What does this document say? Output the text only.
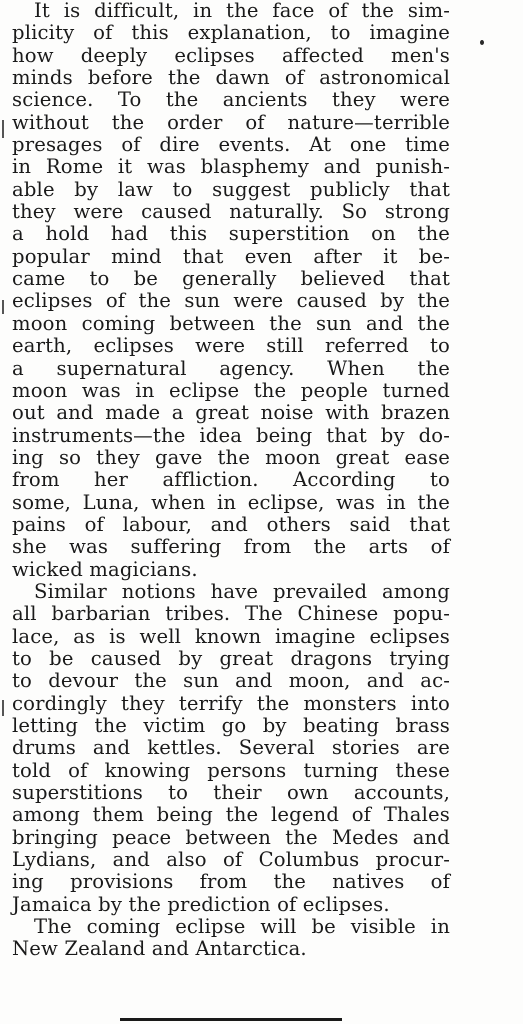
It is difficult, in the face of the sim-
plicity of this explanation, to imagine
how deeply eclipses affected men's
minds before the dawn of astronomical
science. To the ancients they were
without the order of nature—terrible
presages of dire events. At one time
in Rome it was blasphemy and punish-
able by law to suggest publicly that
they were caused naturally. So strong
a hold had this superstition on the
popular mind that even after it be-
came to be generally believed that
eclipses of the sun were caused by the
moon coming between the sun and the
earth, eclipses were still referred to
a supernatural agency. When the
moon was in eclipse the people turned
out and made a great noise with brazen
instruments—the idea being that by do-
ing so they gave the moon great ease
from her affliction. According to
some, Luna, when in eclipse, was in the
pains of labour, and others said that
she was suffering from the arts of
wicked magicians.
Similar notions have prevailed among
all barbarian tribes. The Chinese popu-
lace, as is well known imagine eclipses
to be caused by great dragons trying
to devour the sun and moon, and ac-
cordingly they terrify the monsters into
letting the victim go by beating brass
drums and kettles. Several stories are
told of knowing persons turning these
superstitions to their own accounts,
among them being the legend of Thales
bringing peace between the Medes and
Lydians, and also of Columbus procur-
ing provisions from the natives of
Jamaica by the prediction of eclipses.
The coming eclipse will be visible in
New Zealand and Antarctica.
